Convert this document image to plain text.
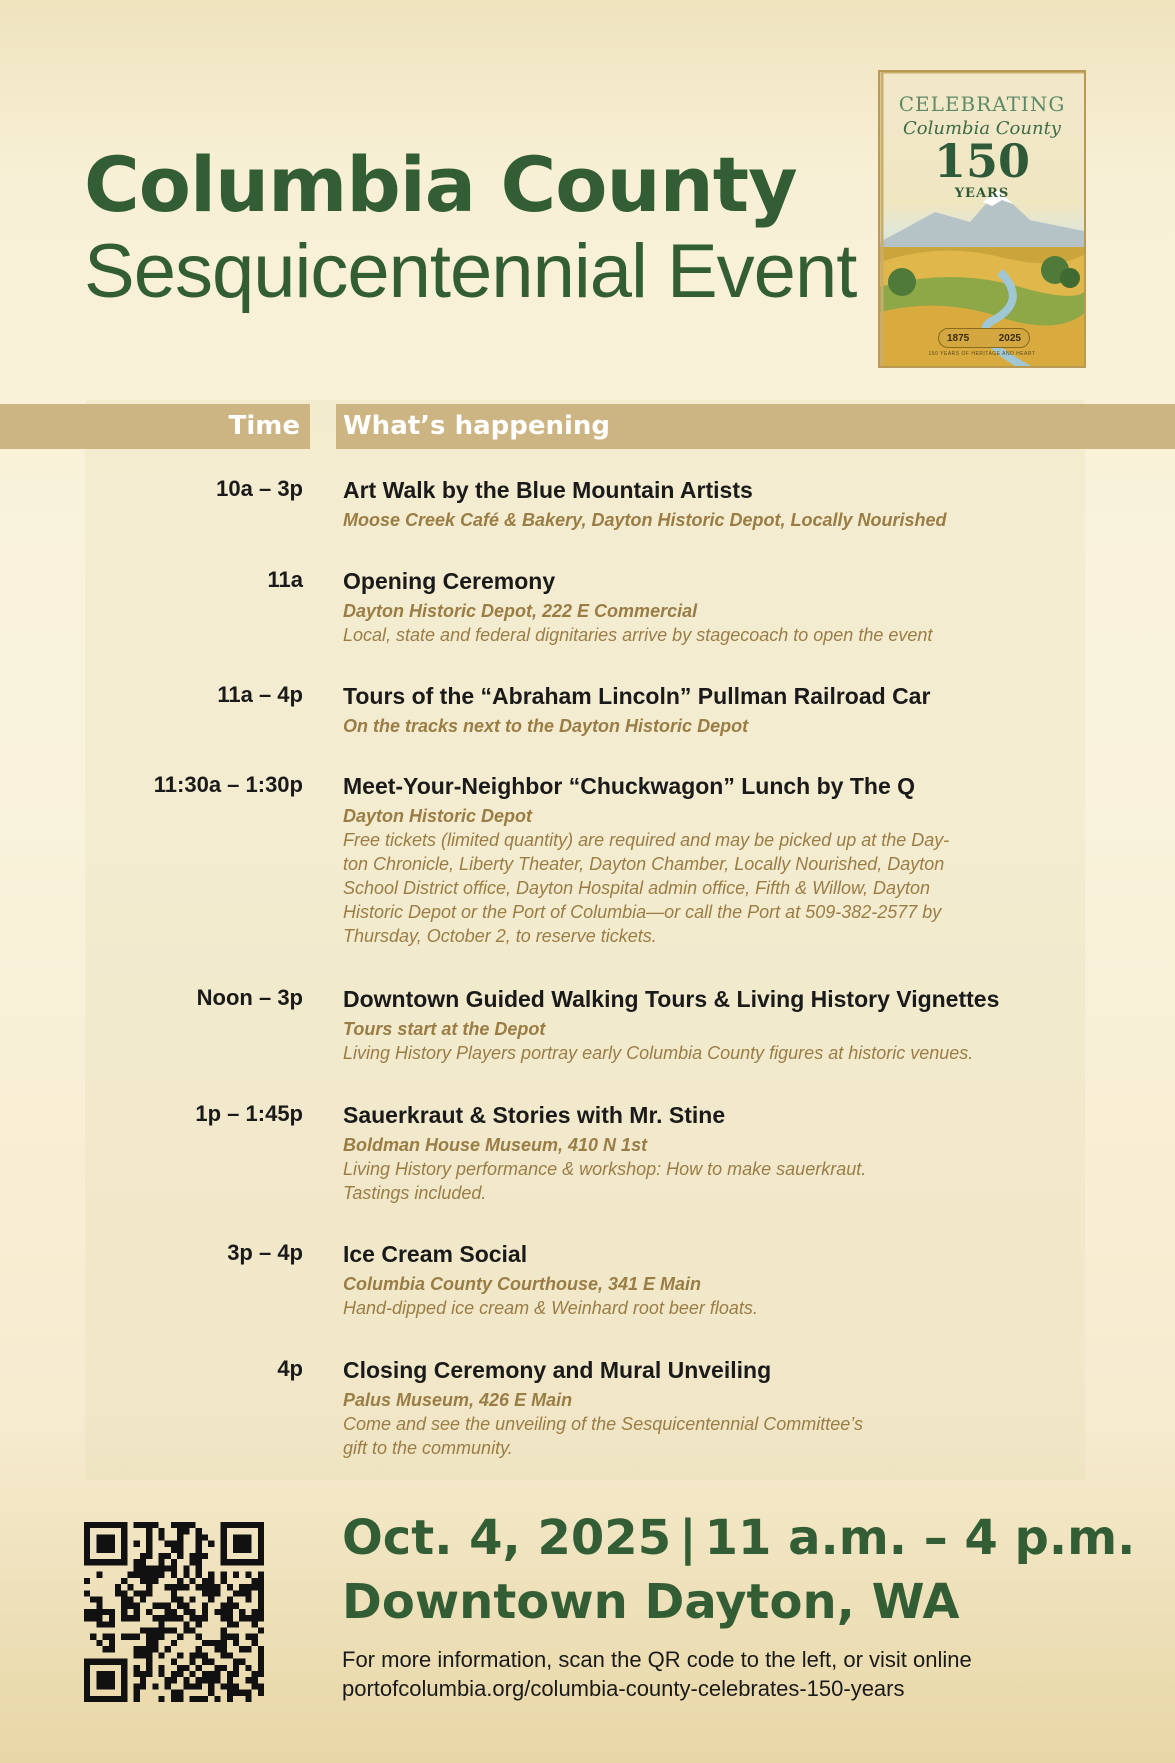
Columbia County
Sesquicentennial Event
CELEBRATING
Columbia County
150
YEARS
1875	2025
150 YEARS OF HERITAGE AND HEART
Time What’s happening
10a – 3p Art Walk by the Blue Mountain Artists
Moose Creek Café & Bakery, Dayton Historic Depot, Locally Nourished
11a Opening Ceremony
Dayton Historic Depot, 222 E Commercial
Local, state and federal dignitaries arrive by stagecoach to open the event
11a – 4p Tours of the “Abraham Lincoln” Pullman Railroad Car
On the tracks next to the Dayton Historic Depot
11:30a – 1:30p Meet-Your-Neighbor “Chuckwagon” Lunch by The Q
Dayton Historic Depot
Free tickets (limited quantity) are required and may be picked up at the Day-
ton Chronicle, Liberty Theater, Dayton Chamber, Locally Nourished, Dayton
School District office, Dayton Hospital admin office, Fifth & Willow, Dayton
Historic Depot or the Port of Columbia—or call the Port at 509-382-2577 by
Thursday, October 2, to reserve tickets.
Noon – 3p Downtown Guided Walking Tours & Living History Vignettes
Tours start at the Depot
Living History Players portray early Columbia County figures at historic venues.
1p – 1:45p Sauerkraut & Stories with Mr. Stine
Boldman House Museum, 410 N 1st
Living History performance & workshop: How to make sauerkraut.
Tastings included.
3p – 4p Ice Cream Social
Columbia County Courthouse, 341 E Main
Hand-dipped ice cream & Weinhard root beer floats.
4p Closing Ceremony and Mural Unveiling
Palus Museum, 426 E Main
Come and see the unveiling of the Sesquicentennial Committee’s
gift to the community.
Oct. 4, 2025 | 11 a.m. – 4 p.m.
Downtown Dayton, WA
For more information, scan the QR code to the left, or visit online
portofcolumbia.org/columbia-county-celebrates-150-years
